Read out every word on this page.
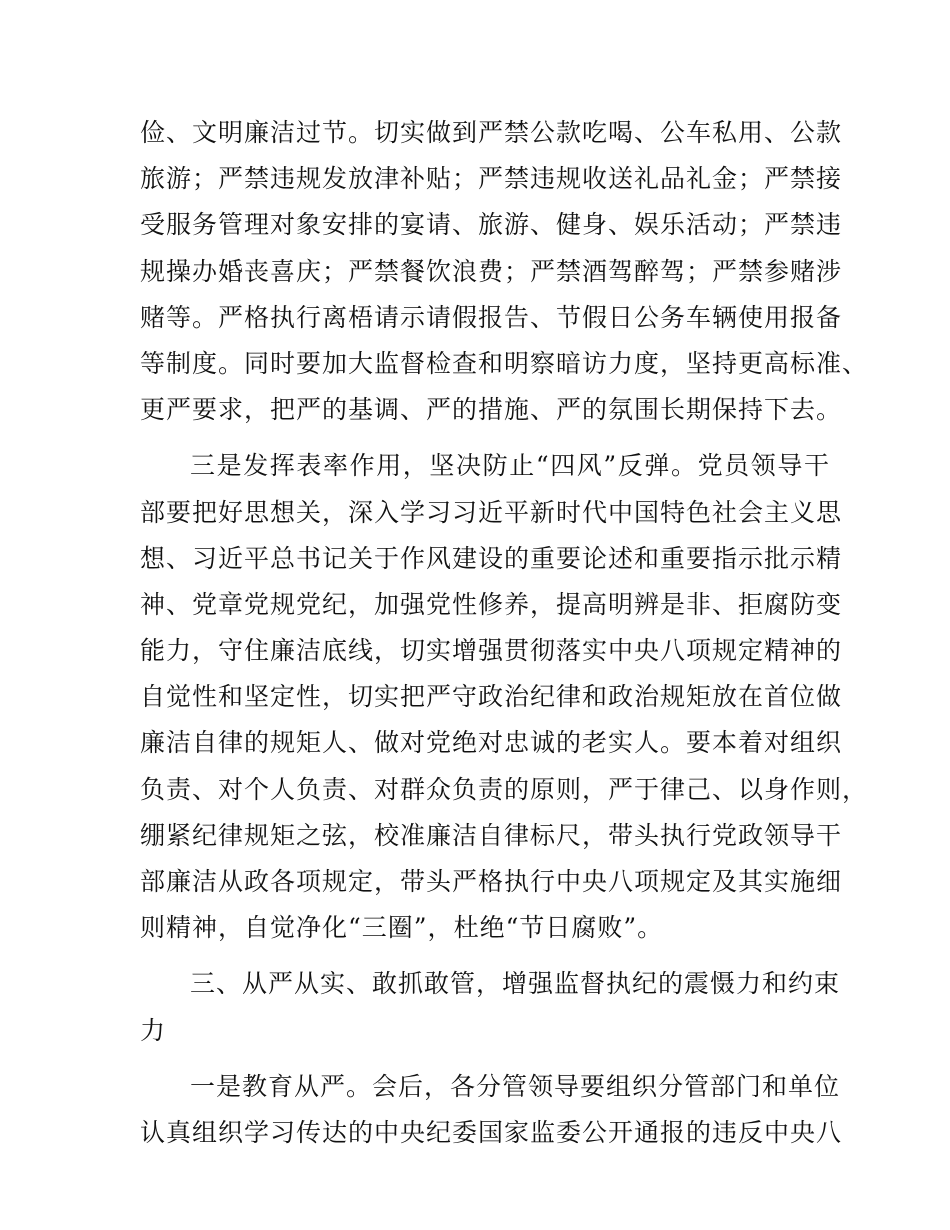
俭、文明廉洁过节。切实做到严禁公款吃喝、公车私用、公款
旅游；严禁违规发放津补贴；严禁违规收送礼品礼金；严禁接
受服务管理对象安排的宴请、旅游、健身、娱乐活动；严禁违
规操办婚丧喜庆；严禁餐饮浪费；严禁酒驾醉驾；严禁参赌涉
赌等。严格执行离梧请示请假报告、节假日公务车辆使用报备
等制度。同时要加大监督检查和明察暗访力度，坚持更高标准、
更严要求，把严的基调、严的措施、严的氛围长期保持下去。
三是发挥表率作用，坚决防止“四风”反弹。党员领导干
部要把好思想关，深入学习习近平新时代中国特色社会主义思
想、习近平总书记关于作风建设的重要论述和重要指示批示精
神、党章党规党纪，加强党性修养，提高明辨是非、拒腐防变
能力，守住廉洁底线，切实增强贯彻落实中央八项规定精神的
自觉性和坚定性，切实把严守政治纪律和政治规矩放在首位做
廉洁自律的规矩人、做对党绝对忠诚的老实人。要本着对组织
负责、对个人负责、对群众负责的原则，严于律己、以身作则，
绷紧纪律规矩之弦，校准廉洁自律标尺，带头执行党政领导干
部廉洁从政各项规定，带头严格执行中央八项规定及其实施细
则精神，自觉净化“三圈”，杜绝“节日腐败”。
三、从严从实、敢抓敢管，增强监督执纪的震慑力和约束
力
一是教育从严。会后，各分管领导要组织分管部门和单位
认真组织学习传达的中央纪委国家监委公开通报的违反中央八
